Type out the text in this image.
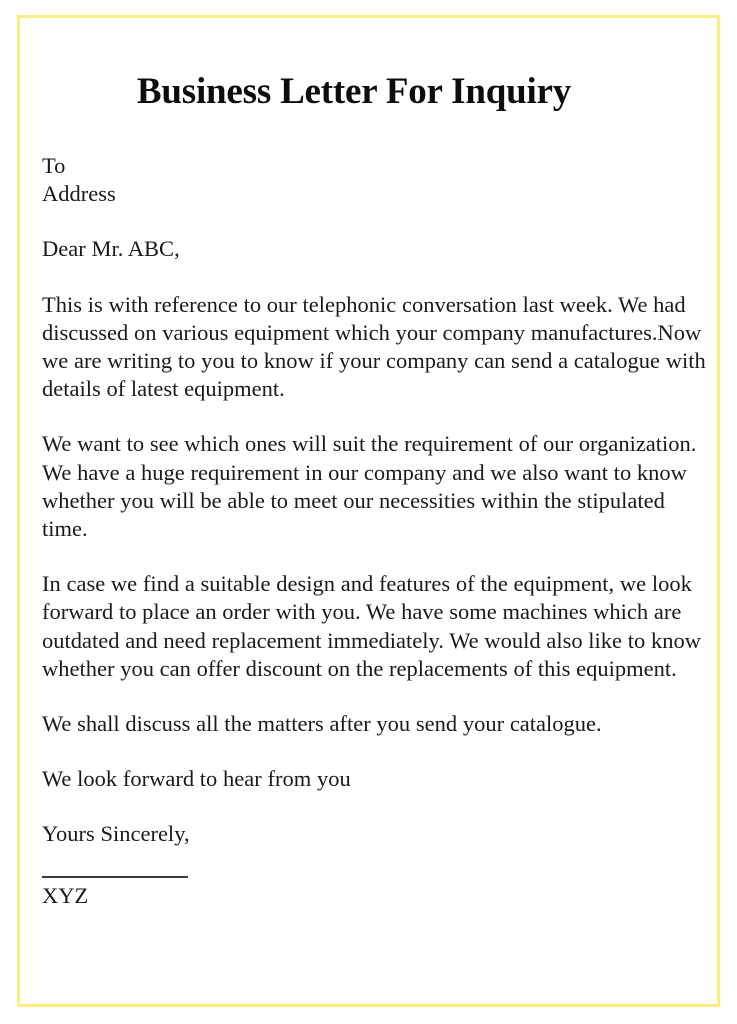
Business Letter For Inquiry

To

Address

Dear Mr. ABC,

This is with reference to our telephonic conversation last week. We had discussed on various equipment which your company manufactures.Now we are writing to you to know if your company can send a catalogue with details of latest equipment.

We want to see which ones will suit the requirement of our organization. We have a huge requirement in our company and we also want to know whether you will be able to meet our necessities within the stipulated time.

In case we find a suitable design and features of the equipment, we look forward to place an order with you. We have some machines which are outdated and need replacement immediately. We would also like to know whether you can offer discount on the replacements of this equipment.

We shall discuss all the matters after you send your catalogue.

We look forward to hear from you

Yours Sincerely,

XYZ
